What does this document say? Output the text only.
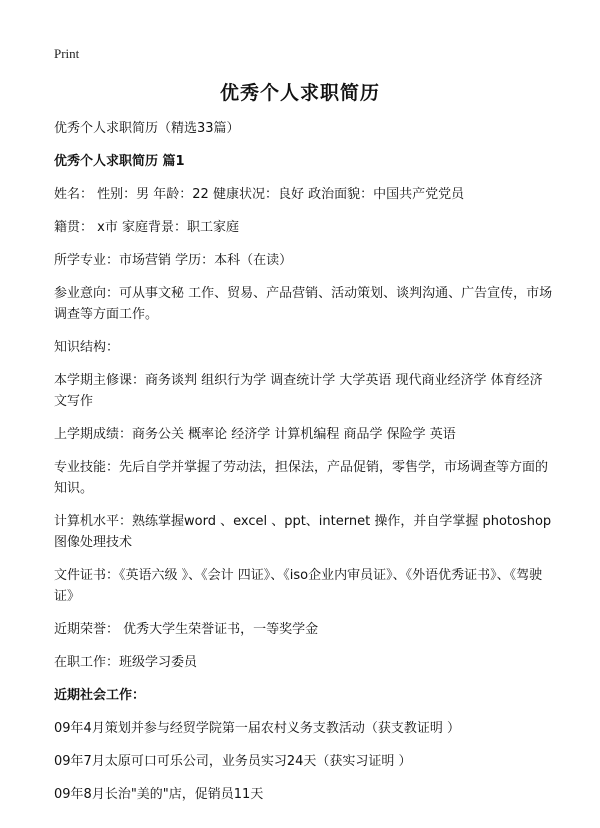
Print
优秀个人求职简历

优秀个人求职简历（精选33篇）

优秀个人求职简历 篇1

姓名： 性别：男 年龄：22 健康状况：良好 政治面貌：中国共产党党员

籍贯： x市 家庭背景：职工家庭

所学专业：市场营销 学历：本科（在读）

参业意向：可从事文秘 工作、贸易、产品营销、活动策划、谈判沟通、广告宣传，市场调查等方面工作。

知识结构：

本学期主修课：商务谈判 组织行为学 调查统计学 大学英语 现代商业经济学 体育经济文写作

上学期成绩：商务公关 概率论 经济学 计算机编程 商品学 保险学 英语

专业技能：先后自学并掌握了劳动法，担保法，产品促销，零售学，市场调查等方面的知识。

计算机水平：熟练掌握word 、excel 、ppt、internet 操作，并自学掌握 photoshop 图像处理技术

文件证书：《英语六级 》、《会计 四证》、《iso企业内审员证》、《外语优秀证书》、《驾驶证》

近期荣誉： 优秀大学生荣誉证书，一等奖学金

在职工作：班级学习委员

近期社会工作：

09年4月策划并参与经贸学院第一届农村义务支教活动（获支教证明 ）

09年7月太原可口可乐公司，业务员实习24天（获实习证明 ）

09年8月长治"美的"店，促销员11天
